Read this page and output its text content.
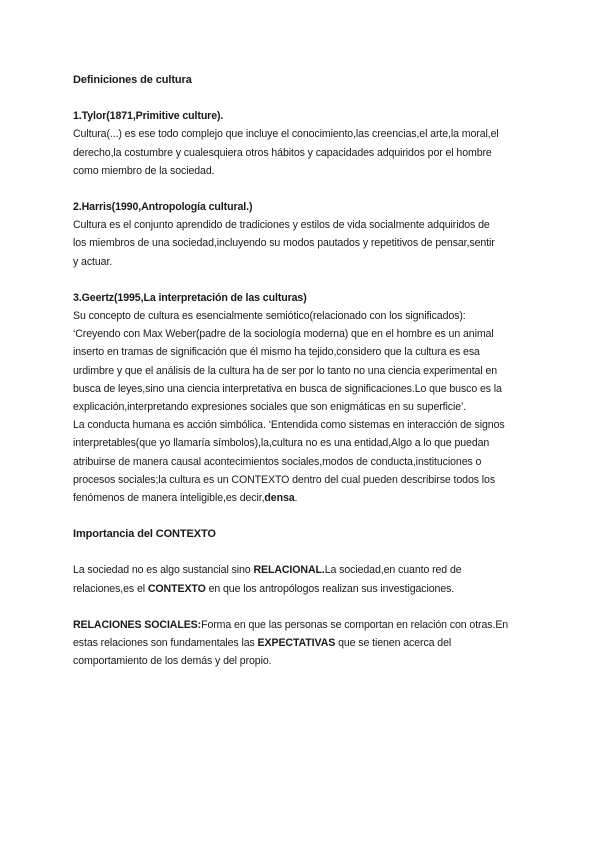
Definiciones de cultura
1.Tylor(1871,Primitive culture).
Cultura(...) es ese todo complejo que incluye el conocimiento,las creencias,el arte,la moral,el
derecho,la costumbre y cualesquiera otros hábitos y capacidades adquiridos por el hombre
como miembro de la sociedad.
2.Harris(1990,Antropología cultural.)
Cultura es el conjunto aprendido de tradiciones y estilos de vida socialmente adquiridos de
los miembros de una sociedad,incluyendo su modos pautados y repetitivos de pensar,sentir
y actuar.
3.Geertz(1995,La interpretación de las culturas)
Su concepto de cultura es esencialmente semiótico(relacionado con los significados):
‘Creyendo con Max Weber(padre de la sociología moderna) que en el hombre es un animal
inserto en tramas de significación que él mismo ha tejido,considero que la cultura es esa
urdimbre y que el análisis de la cultura ha de ser por lo tanto no una ciencia experimental en
busca de leyes,sino una ciencia interpretativa en busca de significaciones.Lo que busco es la
explicación,interpretando expresiones sociales que son enigmáticas en su superficie’.
La conducta humana es acción simbólica. ‘Entendida como sistemas en interacción de signos
interpretables(que yo llamaría símbolos),la,cultura no es una entidad,Algo a lo que puedan
atribuirse de manera causal acontecimientos sociales,modos de conducta,instituciones o
procesos sociales;la cultura es un CONTEXTO dentro del cual pueden describirse todos los
fenómenos de manera inteligible,es decir,densa.
Importancia del CONTEXTO
La sociedad no es algo sustancial sino RELACIONAL.La sociedad,en cuanto red de
relaciones,es el CONTEXTO en que los antropólogos realizan sus investigaciones.
RELACIONES SOCIALES:Forma en que las personas se comportan en relación con otras.En
estas relaciones son fundamentales las EXPECTATIVAS que se tienen acerca del
comportamiento de los demás y del propio.
